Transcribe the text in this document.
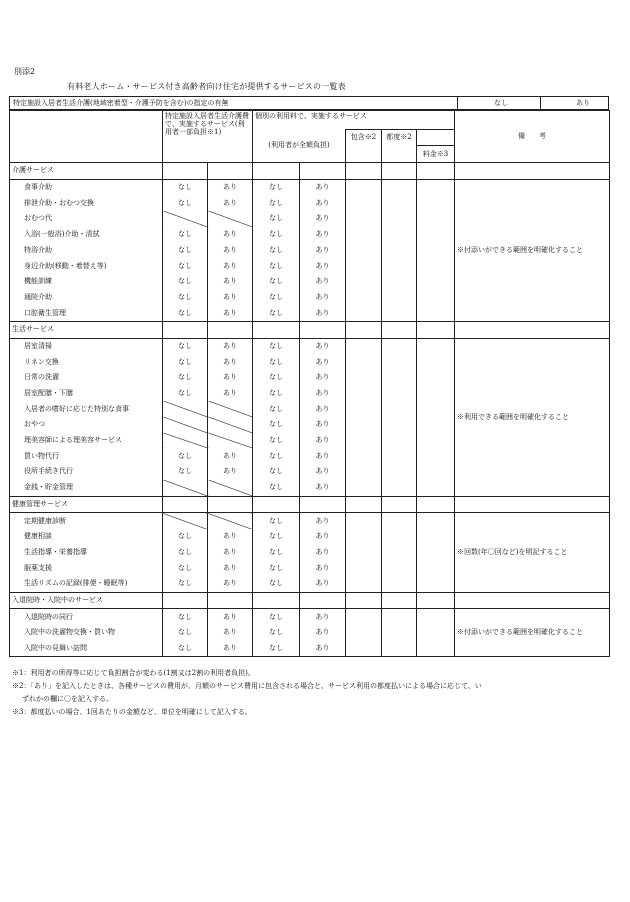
別添2
有料老人ホーム・サービス付き高齢者向け住宅が提供するサービスの一覧表
特定施設入居者生活介護(地域密着型・介護予防を含む)の指定の有無	なし	あり
	特定施設入居者生活介護費で、実施するサービス(利用者一部負担※1)		個別の利用料で、実施するサービス					備　　考
			(利用者が全額負担)		包含※2	都度※2		
							料金※3	
介護サービス								
食事介助	なし	あり	なし	あり				※付添いができる範囲を明確化すること
排泄介助・おむつ交換	なし	あり	なし	あり				
おむつ代			なし	あり				
入浴(一般浴)介助・清拭	なし	あり	なし	あり				
特浴介助	なし	あり	なし	あり				
身辺介助(移動・着替え等)	なし	あり	なし	あり				
機能訓練	なし	あり	なし	あり				
通院介助	なし	あり	なし	あり				
口腔衛生管理	なし	あり	なし	あり				
生活サービス								
居室清掃	なし	あり	なし	あり				※利用できる範囲を明確化すること
リネン交換	なし	あり	なし	あり				
日常の洗濯	なし	あり	なし	あり				
居室配膳・下膳	なし	あり	なし	あり				
入居者の嗜好に応じた特別な食事			なし	あり				
おやつ			なし	あり				
理美容師による理美容サービス			なし	あり				
買い物代行	なし	あり	なし	あり				
役所手続き代行	なし	あり	なし	あり				
金銭・貯金管理			なし	あり				
健康管理サービス								
定期健康診断			なし	あり				※回数(年〇回など)を明記すること
健康相談	なし	あり	なし	あり				
生活指導・栄養指導	なし	あり	なし	あり				
服薬支援	なし	あり	なし	あり				
生活リズムの記録(排便・睡眠等)	なし	あり	なし	あり				
入退院時・入院中のサービス								
入退院時の同行	なし	あり	なし	あり				※付添いができる範囲を明確化すること
入院中の洗濯物交換・買い物	なし	あり	なし	あり				
入院中の見舞い訪問	なし	あり	なし	あり				
※1：利用者の所得等に応じて負担割合が変わる(1割又は2割の利用者負担)。
※2：「あり」を記入したときは、各種サービスの費用が、月額のサービス費用に包含される場合と、サービス利用の都度払いによる場合に応じて、い
ずれかの欄に〇を記入する。
※3：都度払いの場合、1回あたりの金額など、単位を明確にして記入する。
